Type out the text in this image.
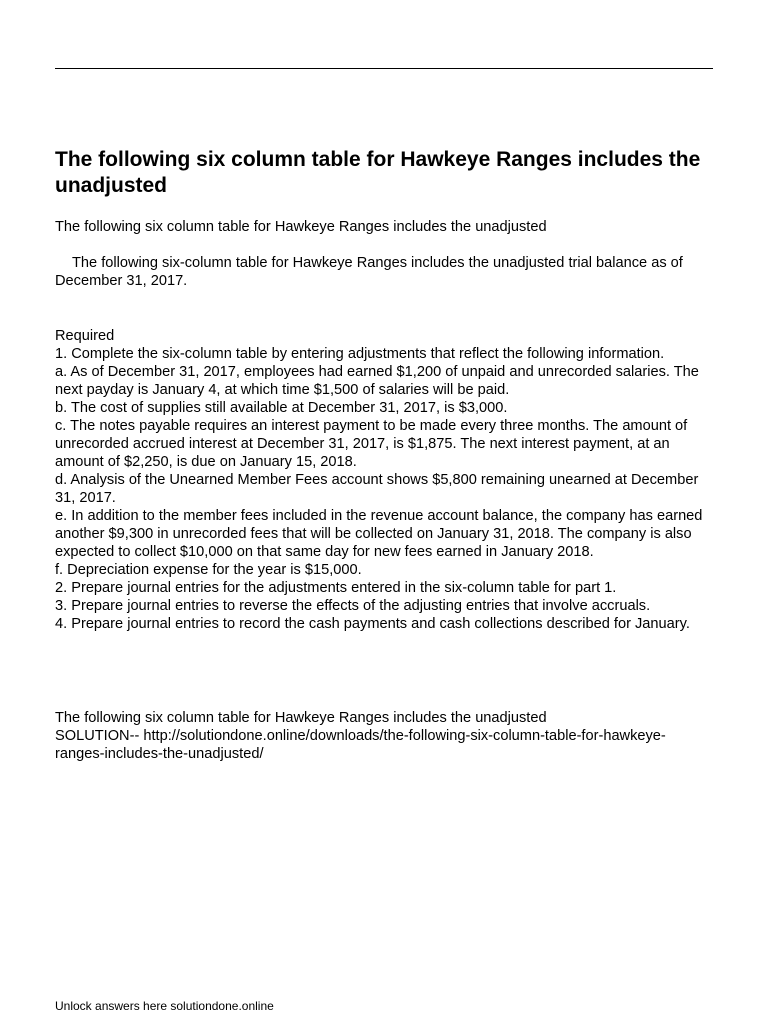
The following six column table for Hawkeye Ranges includes the unadjusted

The following six column table for Hawkeye Ranges includes the unadjusted

The following six-column table for Hawkeye Ranges includes the unadjusted trial balance as of December 31, 2017.

Required
1. Complete the six-column table by entering adjustments that reflect the following information.
a. As of December 31, 2017, employees had earned $1,200 of unpaid and unrecorded salaries. The next payday is January 4, at which time $1,500 of salaries will be paid.
b. The cost of supplies still available at December 31, 2017, is $3,000.
c. The notes payable requires an interest payment to be made every three months. The amount of unrecorded accrued interest at December 31, 2017, is $1,875. The next interest payment, at an amount of $2,250, is due on January 15, 2018.
d. Analysis of the Unearned Member Fees account shows $5,800 remaining unearned at December 31, 2017.
e. In addition to the member fees included in the revenue account balance, the company has earned another $9,300 in unrecorded fees that will be collected on January 31, 2018. The company is also expected to collect $10,000 on that same day for new fees earned in January 2018.
f. Depreciation expense for the year is $15,000.
2. Prepare journal entries for the adjustments entered in the six-column table for part 1.
3. Prepare journal entries to reverse the effects of the adjusting entries that involve accruals.
4. Prepare journal entries to record the cash payments and cash collections described for January.
The following six column table for Hawkeye Ranges includes the unadjusted
SOLUTION-- http://solutiondone.online/downloads/the-following-six-column-table-for-hawkeye-ranges-includes-the-unadjusted/

Unlock answers here solutiondone.online
